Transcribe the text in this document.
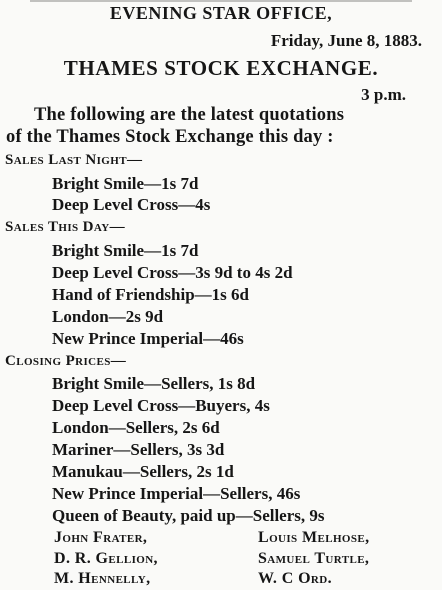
EVENING STAR OFFICE,
Friday, June 8, 1883.
THAMES STOCK EXCHANGE.
3 p.m.
The following are the latest quotations
of the Thames Stock Exchange this day :
Sales Last Night—
Bright Smile—1s 7d
Deep Level Cross—4s
Sales This Day—
Bright Smile—1s 7d
Deep Level Cross—3s 9d to 4s 2d
Hand of Friendship—1s 6d
London—2s 9d
New Prince Imperial—46s
Closing Prices—
Bright Smile—Sellers, 1s 8d
Deep Level Cross—Buyers, 4s
London—Sellers, 2s 6d
Mariner—Sellers, 3s 3d
Manukau—Sellers, 2s 1d
New Prince Imperial—Sellers, 46s
Queen of Beauty, paid up—Sellers, 9s
John Frater,	Louis Melhose,
D. R. Gellion,	Samuel Turtle,
M. Hennelly,	W. C Ord.
